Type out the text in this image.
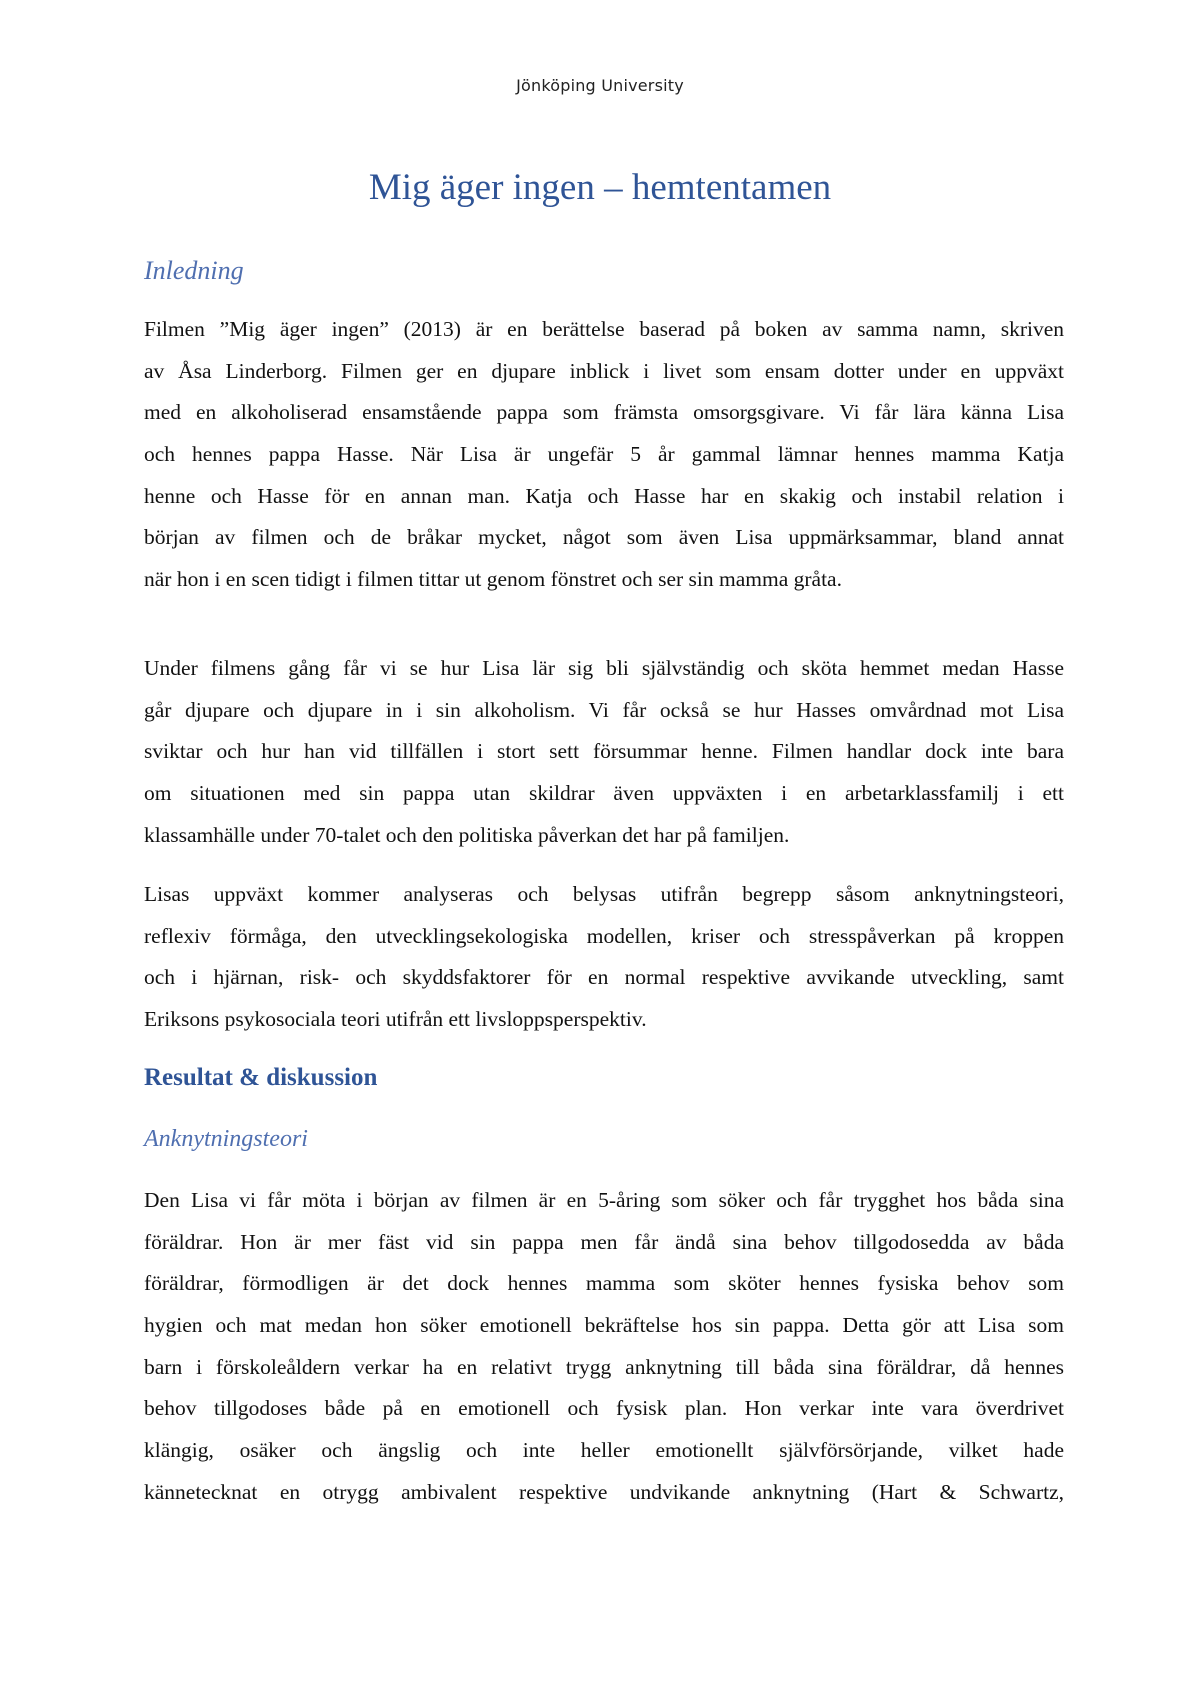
Jönköping University
Mig äger ingen – hemtentamen
Inledning
Filmen ”Mig äger ingen” (2013) är en berättelse baserad på boken av samma namn, skriven
av Åsa Linderborg. Filmen ger en djupare inblick i livet som ensam dotter under en uppväxt
med en alkoholiserad ensamstående pappa som främsta omsorgsgivare. Vi får lära känna Lisa
och hennes pappa Hasse. När Lisa är ungefär 5 år gammal lämnar hennes mamma Katja
henne och Hasse för en annan man. Katja och Hasse har en skakig och instabil relation i
början av filmen och de bråkar mycket, något som även Lisa uppmärksammar, bland annat
när hon i en scen tidigt i filmen tittar ut genom fönstret och ser sin mamma gråta.
Under filmens gång får vi se hur Lisa lär sig bli självständig och sköta hemmet medan Hasse
går djupare och djupare in i sin alkoholism. Vi får också se hur Hasses omvårdnad mot Lisa
sviktar och hur han vid tillfällen i stort sett försummar henne. Filmen handlar dock inte bara
om situationen med sin pappa utan skildrar även uppväxten i en arbetarklassfamilj i ett
klassamhälle under 70-talet och den politiska påverkan det har på familjen.
Lisas uppväxt kommer analyseras och belysas utifrån begrepp såsom anknytningsteori,
reflexiv förmåga, den utvecklingsekologiska modellen, kriser och stresspåverkan på kroppen
och i hjärnan, risk- och skyddsfaktorer för en normal respektive avvikande utveckling, samt
Eriksons psykosociala teori utifrån ett livsloppsperspektiv.
Resultat & diskussion
Anknytningsteori
Den Lisa vi får möta i början av filmen är en 5-åring som söker och får trygghet hos båda sina
föräldrar. Hon är mer fäst vid sin pappa men får ändå sina behov tillgodosedda av båda
föräldrar, förmodligen är det dock hennes mamma som sköter hennes fysiska behov som
hygien och mat medan hon söker emotionell bekräftelse hos sin pappa. Detta gör att Lisa som
barn i förskoleåldern verkar ha en relativt trygg anknytning till båda sina föräldrar, då hennes
behov tillgodoses både på en emotionell och fysisk plan. Hon verkar inte vara överdrivet
klängig, osäker och ängslig och inte heller emotionellt självförsörjande, vilket hade
kännetecknat en otrygg ambivalent respektive undvikande anknytning (Hart & Schwartz,
